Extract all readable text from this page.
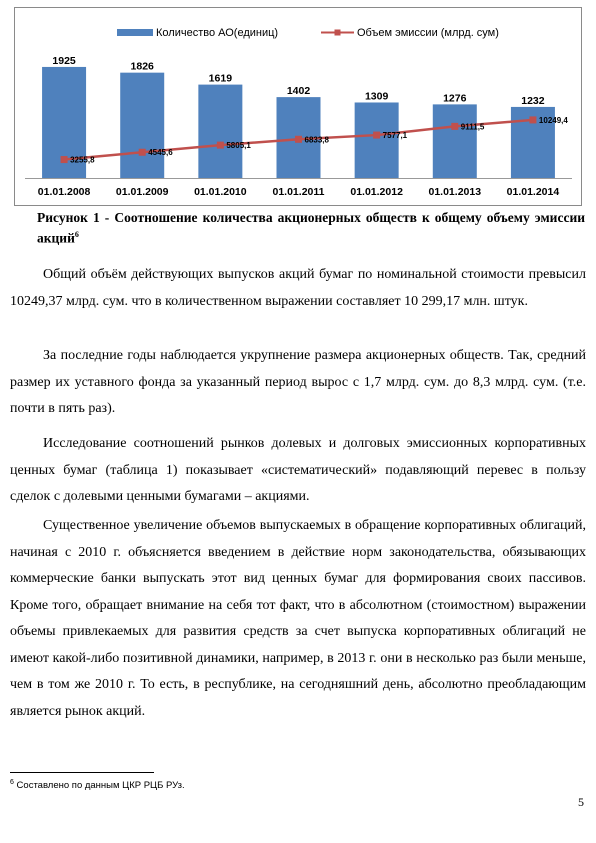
Количество АО(единиц)	Объем эмиссии (млрд. сум)
1925	1826
1619
1402	1309	1276	1232
3255,8
4545,6
5805,1
6833,8	7577,1
9111,5
10249,4
01.01.2008 01.01.2009 01.01.2010 01.01.2011 01.01.2012 01.01.2013 01.01.2014
Рисунок 1 - Соотношение количества акционерных обществ к общему объему эмиссии акций$^6$

Общий объём действующих выпусков акций бумаг по номинальной стоимости превысил 10249,37 млрд. сум. что в количественном выражении составляет 10 299,17 млн. штук.

За последние годы наблюдается укрупнение размера акционерных обществ. Так, средний размер их уставного фонда за указанный период вырос с 1,7 млрд. сум. до 8,3 млрд. сум. (т.е. почти в пять раз).

Исследование соотношений рынков долевых и долговых эмиссионных корпоративных ценных бумаг (таблица 1) показывает «систематический» подавляющий перевес в пользу сделок с долевыми ценными бумагами – акциями.

Существенное увеличение объемов выпускаемых в обращение корпоративных облигаций, начиная с 2010 г. объясняется введением в действие норм законодательства, обязывающих коммерческие банки выпускать этот вид ценных бумаг для формирования своих пассивов. Кроме того, обращает внимание на себя тот факт, что в абсолютном (стоимостном) выражении объемы привлекаемых для развития средств за счет выпуска корпоративных облигаций не имеют какой-либо позитивной динамики, например, в 2013 г. они в несколько раз были меньше, чем в том же 2010 г. То есть, в республике, на сегодняшний день, абсолютно преобладающим является рынок акций.

$^6$ Составлено по данным ЦКР РЦБ РУз.
5
